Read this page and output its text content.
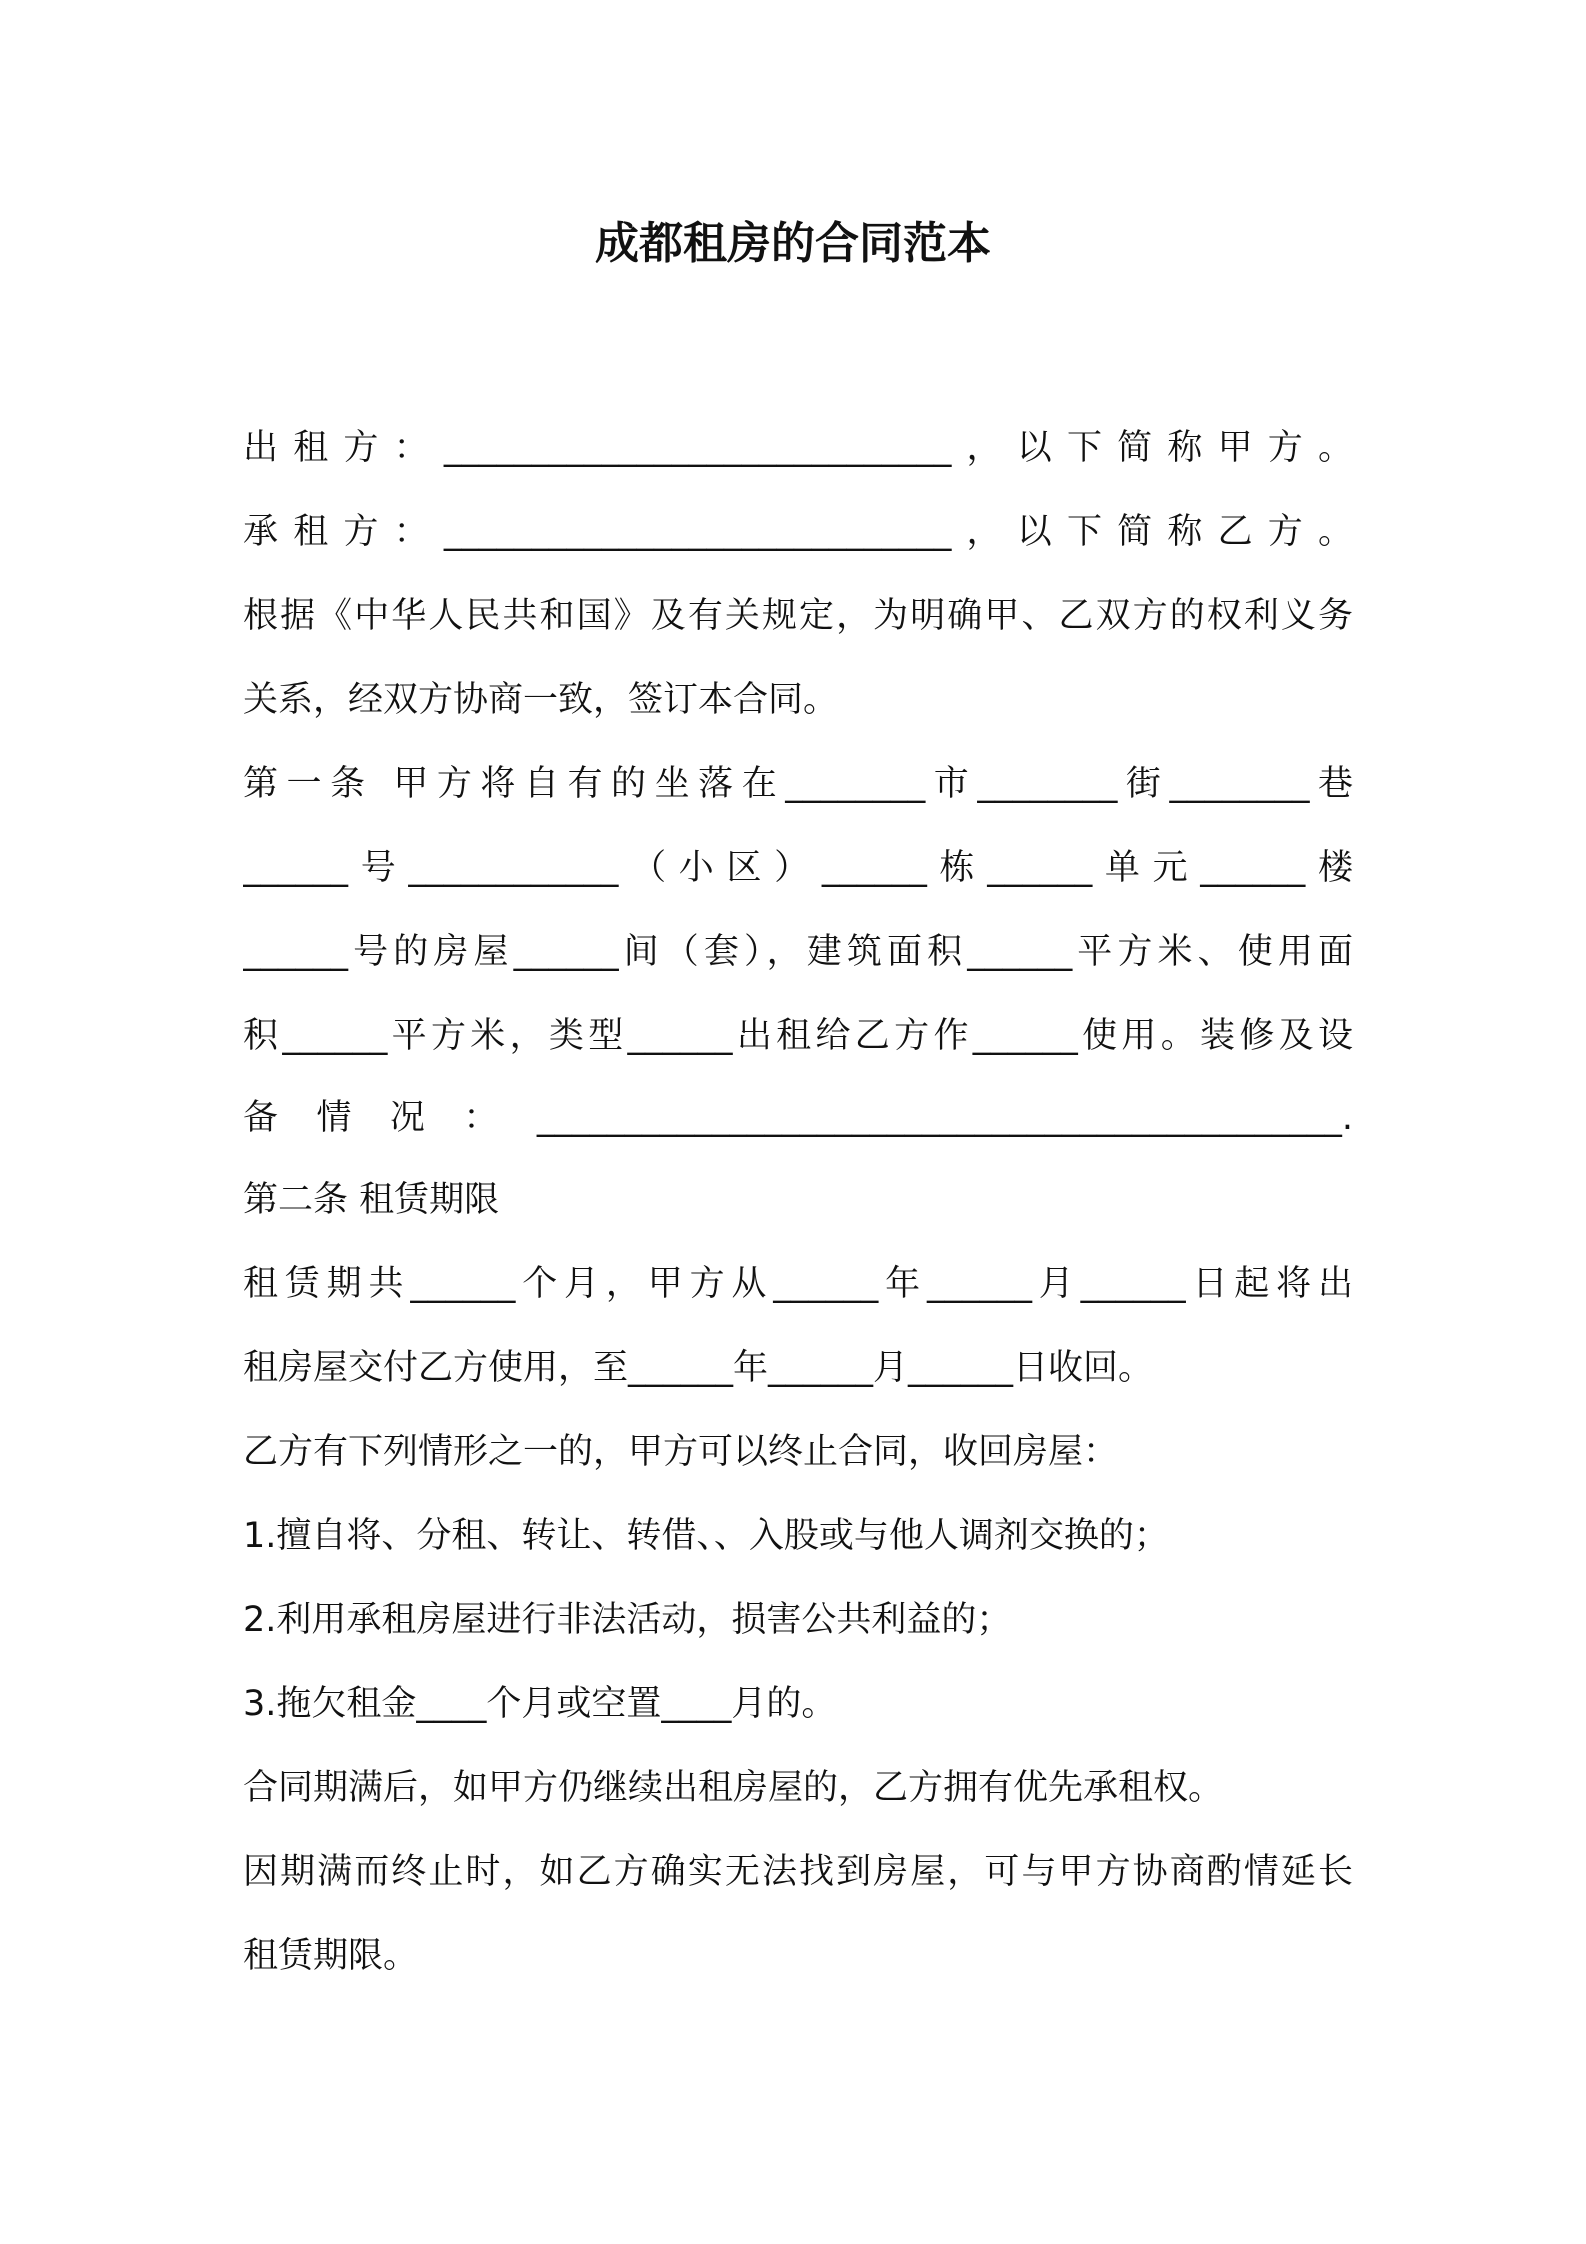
成都租房的合同范本
出租方：_____________________________，以下简称甲方。
承租方：_____________________________，以下简称乙方。
根据《中华人民共和国》及有关规定，为明确甲、乙双方的权利义务
关系，经双方协商一致，签订本合同。
第一条 甲方将自有的坐落在________市________街________巷
______号____________（小区）______栋______单元______楼
______号的房屋______间（套），建筑面积______平方米、使用面
积______平方米，类型______出租给乙方作______使用。装修及设
备情况：______________________________________________.
第二条 租赁期限
租赁期共______个月，甲方从______年______月______日起将出
租房屋交付乙方使用，至______年______月______日收回。
乙方有下列情形之一的，甲方可以终止合同，收回房屋：
1.擅自将、分租、转让、转借、、入股或与他人调剂交换的；
2.利用承租房屋进行非法活动，损害公共利益的；
3.拖欠租金____个月或空置____月的。
合同期满后，如甲方仍继续出租房屋的，乙方拥有优先承租权。
因期满而终止时，如乙方确实无法找到房屋，可与甲方协商酌情延长
租赁期限。
